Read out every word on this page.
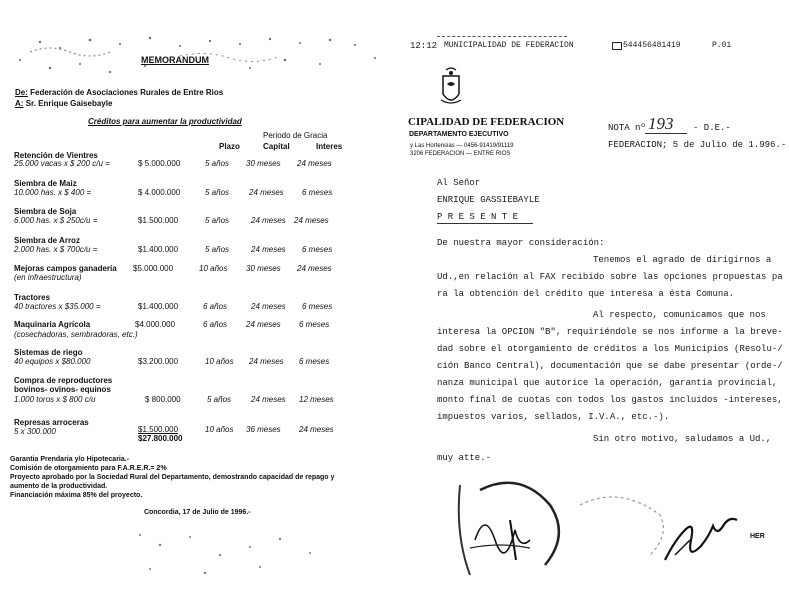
12:12 MUNICIPALIDAD DE FEDERACION	544456481419	P.01
MEMORANDUM
De: Federación de Asociaciones Rurales de Entre Rios
A: Sr. Enrique Gaisebayle
Créditos para aumentar la productividad
Periodo de Gracia
Plazo	Capital	Interes
Retención de Vientres
25.000 vacas x $ 200 c/u =	$ 5.000.000	5 años 30 meses 24 meses
Siembra de Maiz
10.000 has. x $ 400 =	$ 4.000.000	5 años 24 meses 6 meses
Siembra de Soja
6.000 has. x $ 250c/u =	$1.500.000	5 años	24 meses 24 meses
Siembra de Arroz
2.000 has. x $ 700c/u =	$1.400.000	5 años	24 meses 6 meses
Mejoras campos ganadería
(en infraestructura)
$5.000.000	10 años 30 meses 24 meses
Tractores
40 tractores x $35.000 =	$1.400.000	6 años	24 meses 6 meses
Maquinaria Agrícola
(cosechadoras, sembradoras, etc.)
$4.000.000	6 años 24 meses 6 meses
Sistemas de riego
40 equipos x $80.000	$3.200.000	10 años 24 meses 6 meses
Compra de reproductores
bovinos- ovinos- equinos
1.000 toros x $ 800 c/u	$ 800.000	5 años 24 meses 12 meses
Represas arroceras
5 x 300.000	$1.500.000	10 años 36 meses 24 meses
$27.800.000
Garantia Prendaria y/o Hipotecaria.-
Comisión de otorgamiento para F.A.R.E.R.= 2%
Proyecto aprobado por la Sociedad Rural del Departamento, demostrando capacidad de repago y
aumento de la productividad.
Financiación máxima 85% del proyecto.
Concordia, 17 de Julio de 1996.-
CIPALIDAD DE FEDERACION
DEPARTAMENTO EJECUTIVO
y Las Hortensias — 0456-91419/91119
3206 FEDERACION — ENTRE RIOS
NOTA nº 193 - D.E.-
FEDERACION; 5 de Julio de 1.996.-
Al Señor
ENRIQUE GASSIEBAYLE
P R E S E N T E
De nuestra mayor consideración:
Tenemos el agrado de dirigirnos a
Ud.,en relación al FAX recibido sobre las opciones propuestas pa
ra la obtención del crédito que interesa a ésta Comuna.
Al respecto, comunicamos que nos
interesa la OPCION "B", requiriéndole se nos informe a la breve-
dad sobre el otorgamiento de créditos a los Municipios (Resolu-/
ción Banco Central), documentación que se dabe presentar (orde-/
nanza municipal que autorice la operación, garantía provincial,
monto final de cuotas con todos los gastos incluídos -intereses,
impuestos varios, sellados, I.V.A., etc.-).
Sin otro motivo, saludamos a Ud.,
muy atte.-
HER
